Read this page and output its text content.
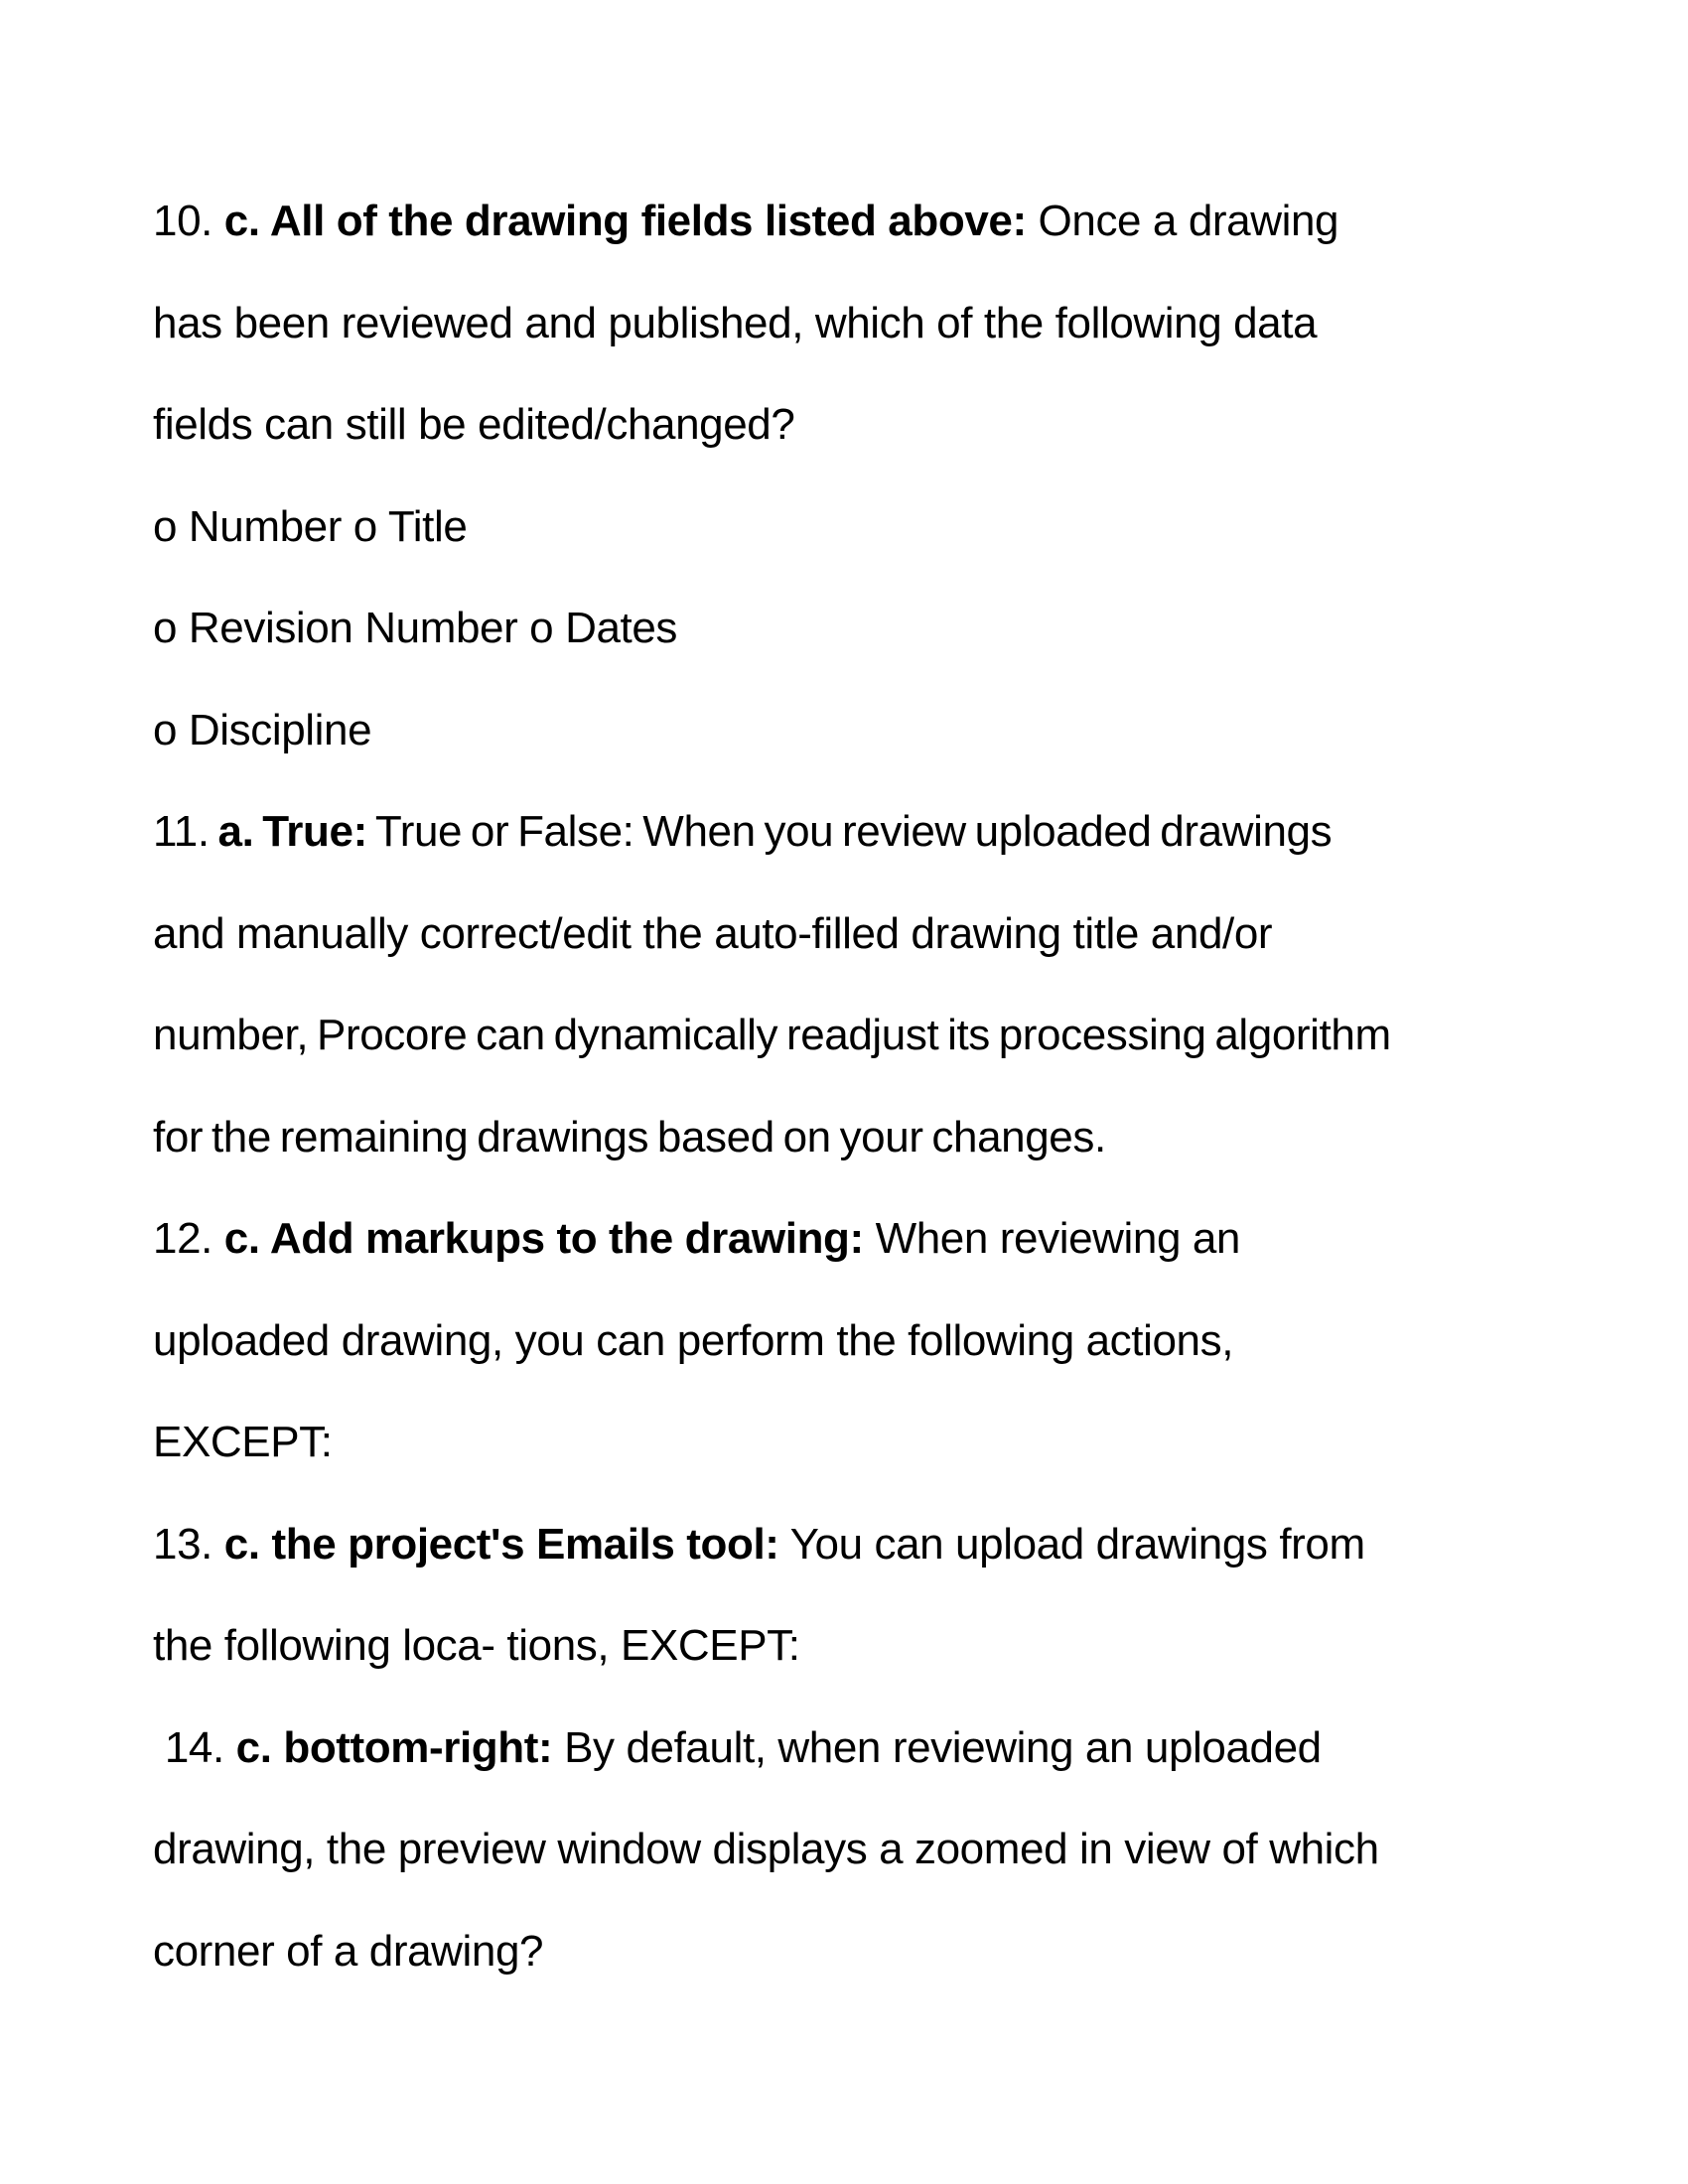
10. c. All of the drawing fields listed above: Once a drawing
has been reviewed and published, which of the following data
fields can still be edited/changed?
o Number o Title
o Revision Number o Dates
o Discipline
11. a. True: True or False: When you review uploaded drawings
and manually correct/edit the auto-filled drawing title and/or
number, Procore can dynamically readjust its processing algorithm
for the remaining drawings based on your changes.
12. c. Add markups to the drawing: When reviewing an
uploaded drawing, you can perform the following actions,
EXCEPT:
13. c. the project's Emails tool: You can upload drawings from
the following loca- tions, EXCEPT:
14. c. bottom-right: By default, when reviewing an uploaded
drawing, the preview window displays a zoomed in view of which
corner of a drawing?
